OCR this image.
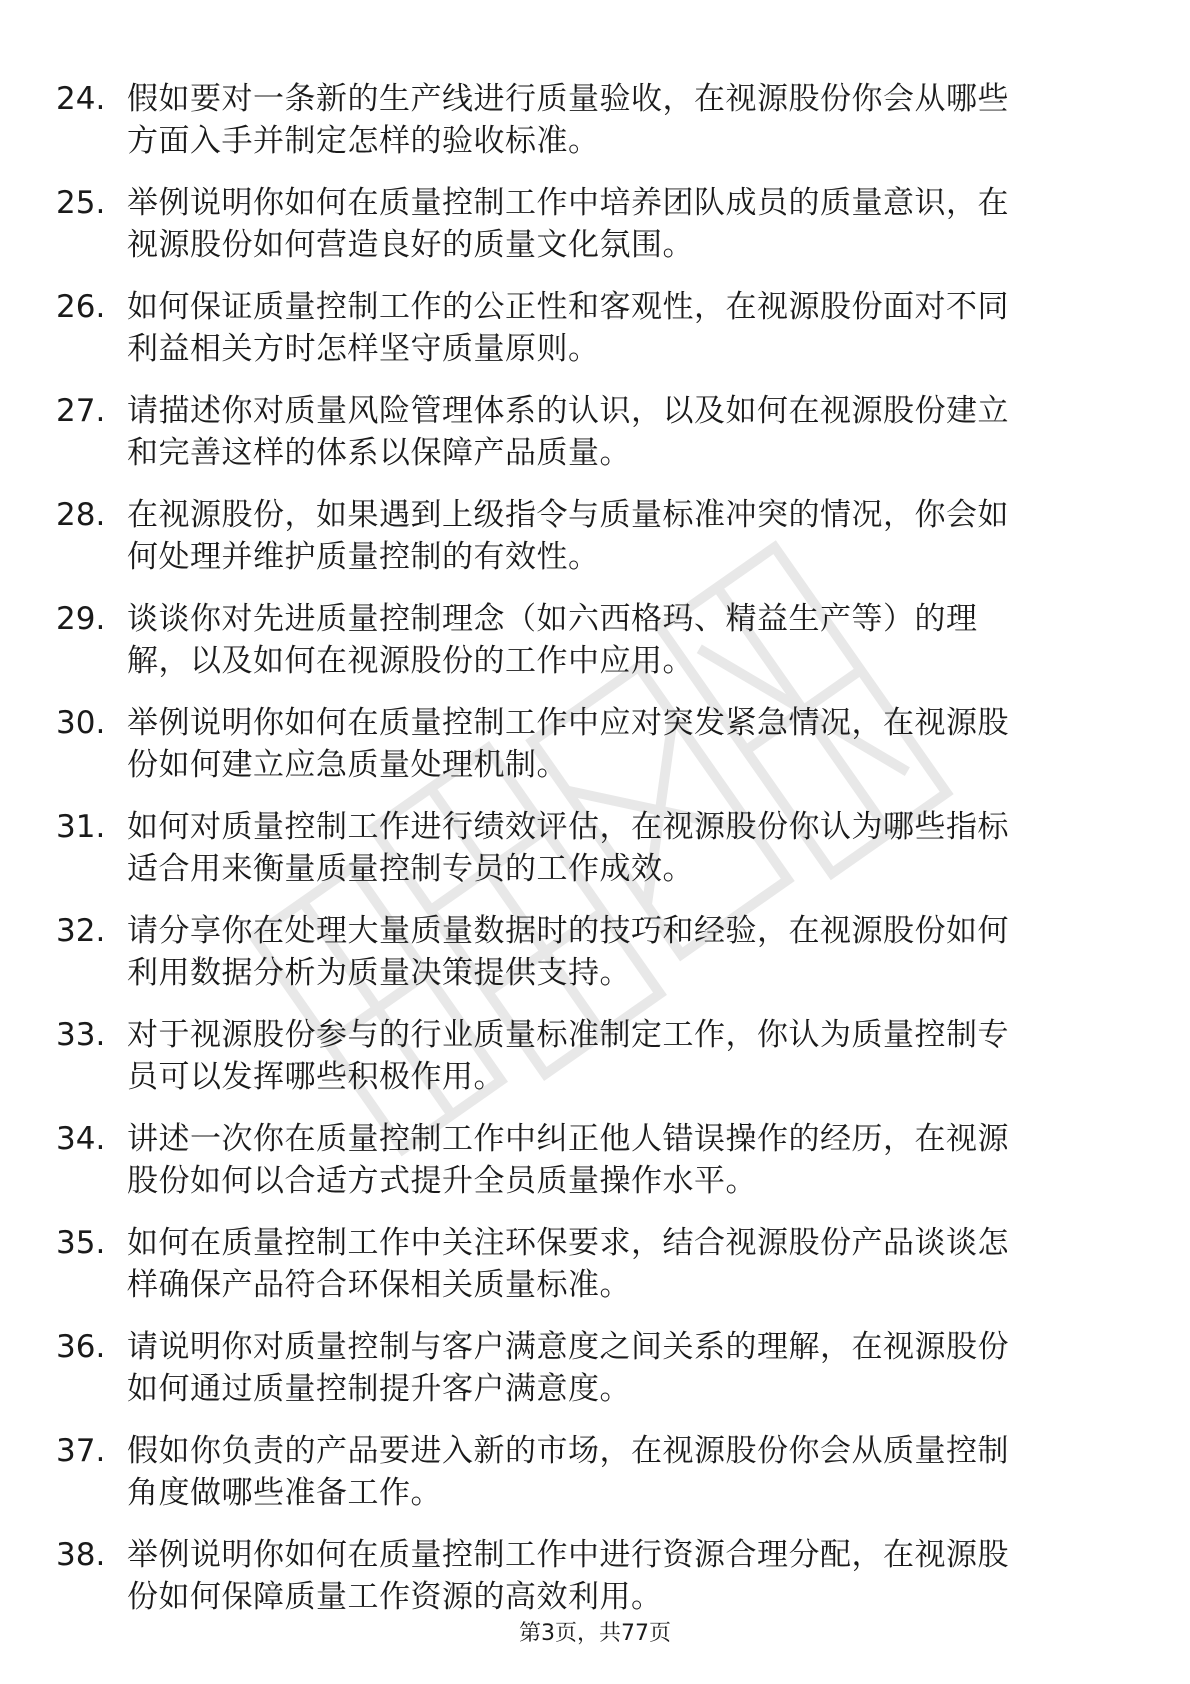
24. 假如要对一条新的生产线进行质量验收，在视源股份你会从哪些
方面入手并制定怎样的验收标准。
25. 举例说明你如何在质量控制工作中培养团队成员的质量意识，在
视源股份如何营造良好的质量文化氛围。
26. 如何保证质量控制工作的公正性和客观性，在视源股份面对不同
利益相关方时怎样坚守质量原则。
27. 请描述你对质量风险管理体系的认识，以及如何在视源股份建立
和完善这样的体系以保障产品质量。
28. 在视源股份，如果遇到上级指令与质量标准冲突的情况，你会如
何处理并维护质量控制的有效性。
29. 谈谈你对先进质量控制理念（如六西格玛、精益生产等）的理
解，以及如何在视源股份的工作中应用。
30. 举例说明你如何在质量控制工作中应对突发紧急情况，在视源股
份如何建立应急质量处理机制。
31. 如何对质量控制工作进行绩效评估，在视源股份你认为哪些指标
适合用来衡量质量控制专员的工作成效。
32. 请分享你在处理大量质量数据时的技巧和经验，在视源股份如何
利用数据分析为质量决策提供支持。
33. 对于视源股份参与的行业质量标准制定工作，你认为质量控制专
员可以发挥哪些积极作用。
34. 讲述一次你在质量控制工作中纠正他人错误操作的经历，在视源
股份如何以合适方式提升全员质量操作水平。
35. 如何在质量控制工作中关注环保要求，结合视源股份产品谈谈怎
样确保产品符合环保相关质量标准。
36. 请说明你对质量控制与客户满意度之间关系的理解，在视源股份
如何通过质量控制提升客户满意度。
37. 假如你负责的产品要进入新的市场，在视源股份你会从质量控制
角度做哪些准备工作。
38. 举例说明你如何在质量控制工作中进行资源合理分配，在视源股
份如何保障质量工作资源的高效利用。
第3页，共77页
